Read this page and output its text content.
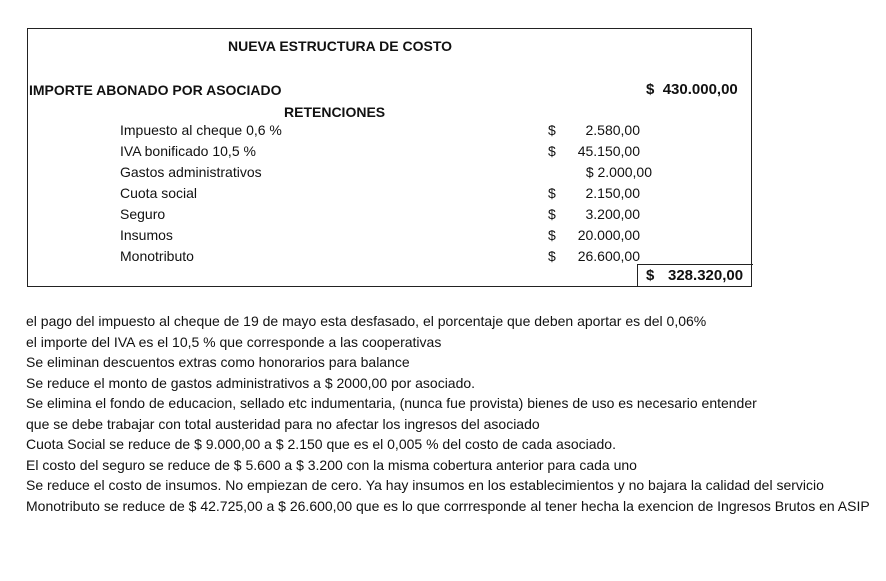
NUEVA ESTRUCTURA DE COSTO
IMPORTE ABONADO POR ASOCIADO	$ 430.000,00
RETENCIONES
Impuesto al cheque 0,6 %	$ 2.580,00
IVA bonificado 10,5 %	$ 45.150,00
Gastos administrativos	$ 2.000,00
Cuota social	$ 2.150,00
Seguro	$ 3.200,00
Insumos	$ 20.000,00
Monotributo	$ 26.600,00
$ 328.320,00
el pago del impuesto al cheque de 19 de mayo esta desfasado, el porcentaje que deben aportar es del 0,06%
el importe del IVA es el 10,5 % que corresponde a las cooperativas
Se eliminan descuentos extras como honorarios para balance
Se reduce el monto de gastos administrativos a $ 2000,00 por asociado.
Se elimina el fondo de educacion, sellado etc indumentaria, (nunca fue provista) bienes de uso es necesario entender
que se debe trabajar con total austeridad para no afectar los ingresos del asociado
Cuota Social se reduce de $ 9.000,00 a $ 2.150 que es el 0,005 % del costo de cada asociado.
El costo del seguro se reduce de $ 5.600 a $ 3.200 con la misma cobertura anterior para cada uno
Se reduce el costo de insumos. No empiezan de cero. Ya hay insumos en los establecimientos y no bajara la calidad del servicio
Monotributo se reduce de $ 42.725,00 a $ 26.600,00 que es lo que corrresponde al tener hecha la exencion de Ingresos Brutos en ASIP
